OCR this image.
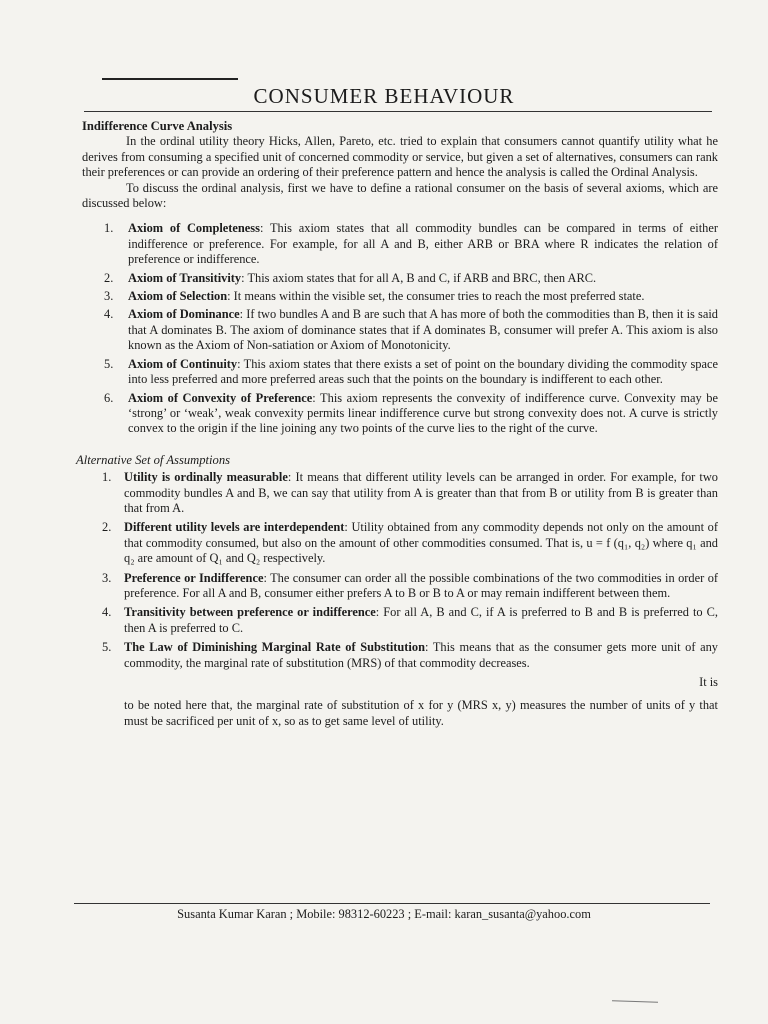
CONSUMER BEHAVIOUR

Indifference Curve Analysis

In the ordinal utility theory Hicks, Allen, Pareto, etc. tried to explain that consumers cannot quantify utility what he derives from consuming a specified unit of concerned commodity or service, but given a set of alternatives, consumers can rank their preferences or can provide an ordering of their preference pattern and hence the analysis is called the Ordinal Analysis.

To discuss the ordinal analysis, first we have to define a rational consumer on the basis of several axioms, which are discussed below:

1. Axiom of Completeness: This axiom states that all commodity bundles can be compared in terms of either indifference or preference. For example, for all A and B, either ARB or BRA where R indicates the relation of preference or indifference.
2. Axiom of Transitivity: This axiom states that for all A, B and C, if ARB and BRC, then ARC.
3. Axiom of Selection: It means within the visible set, the consumer tries to reach the most preferred state.
4. Axiom of Dominance: If two bundles A and B are such that A has more of both the commodities than B, then it is said that A dominates B. The axiom of dominance states that if A dominates B, consumer will prefer A. This axiom is also known as the Axiom of Non-satiation or Axiom of Monotonicity.
5. Axiom of Continuity: This axiom states that there exists a set of point on the boundary dividing the commodity space into less preferred and more preferred areas such that the points on the boundary is indifferent to each other.
6. Axiom of Convexity of Preference: This axiom represents the convexity of indifference curve. Convexity may be ‘strong’ or ‘weak’, weak convexity permits linear indifference curve but strong convexity does not. A curve is strictly convex to the origin if the line joining any two points of the curve lies to the right of the curve.

Alternative Set of Assumptions

1. Utility is ordinally measurable: It means that different utility levels can be arranged in order. For example, for two commodity bundles A and B, we can say that utility from A is greater than that from B or utility from B is greater than that from A.
2. Different utility levels are interdependent: Utility obtained from any commodity depends not only on the amount of that commodity consumed, but also on the amount of other commodities consumed. That is, u = f (q₁, q₂) where q₁ and q₂ are amount of Q₁ and Q₂ respectively.
3. Preference or Indifference: The consumer can order all the possible combinations of the two commodities in order of preference. For all A and B, consumer either prefers A to B or B to A or may remain indifferent between them.
4. Transitivity between preference or indifference: For all A, B and C, if A is preferred to B and B is preferred to C, then A is preferred to C.
5. The Law of Diminishing Marginal Rate of Substitution: This means that as the consumer gets more unit of any commodity, the marginal rate of substitution (MRS) of that commodity decreases.

It is

to be noted here that, the marginal rate of substitution of x for y (MRS x, y) measures the number of units of y that must be sacrificed per unit of x, so as to get same level of utility.

Susanta Kumar Karan ; Mobile: 98312-60223 ; E-mail: karan_susanta@yahoo.com
